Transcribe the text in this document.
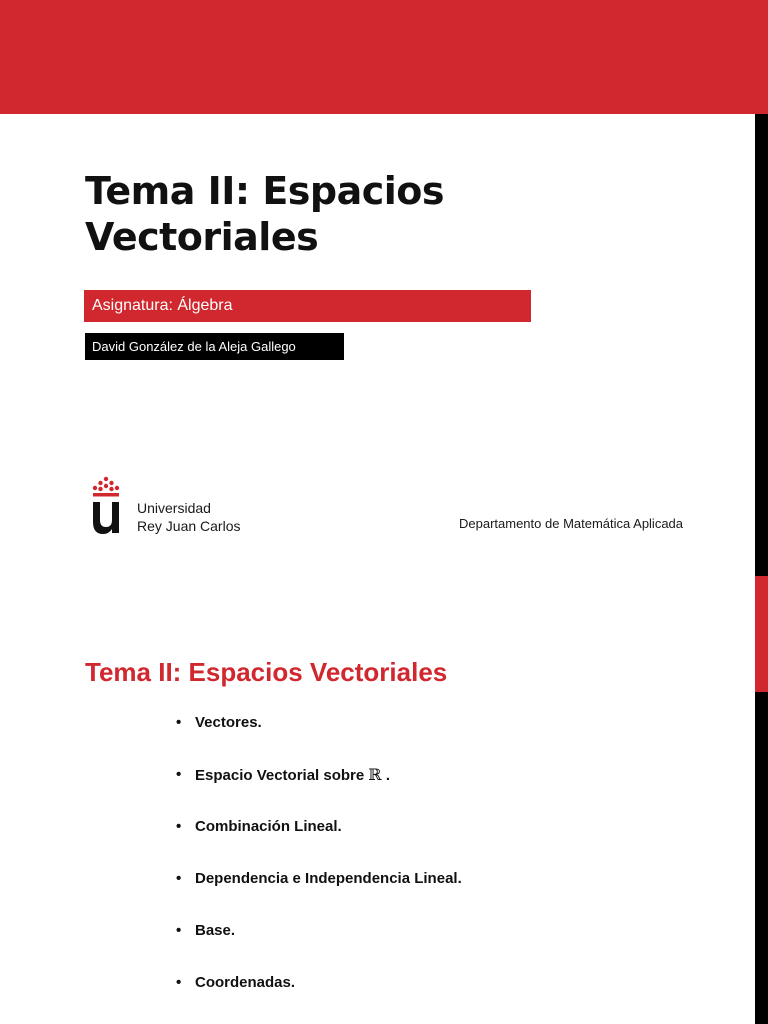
Tema II: Espacios
Vectoriales
Asignatura: Álgebra
David González de la Aleja Gallego
Universidad
Rey Juan Carlos	Departamento de Matemática Aplicada
Tema II: Espacios Vectoriales
• Vectores.
• Espacio Vectorial sobre ℝ .
• Combinación Lineal.
• Dependencia e Independencia Lineal.
• Base.
• Coordenadas.
